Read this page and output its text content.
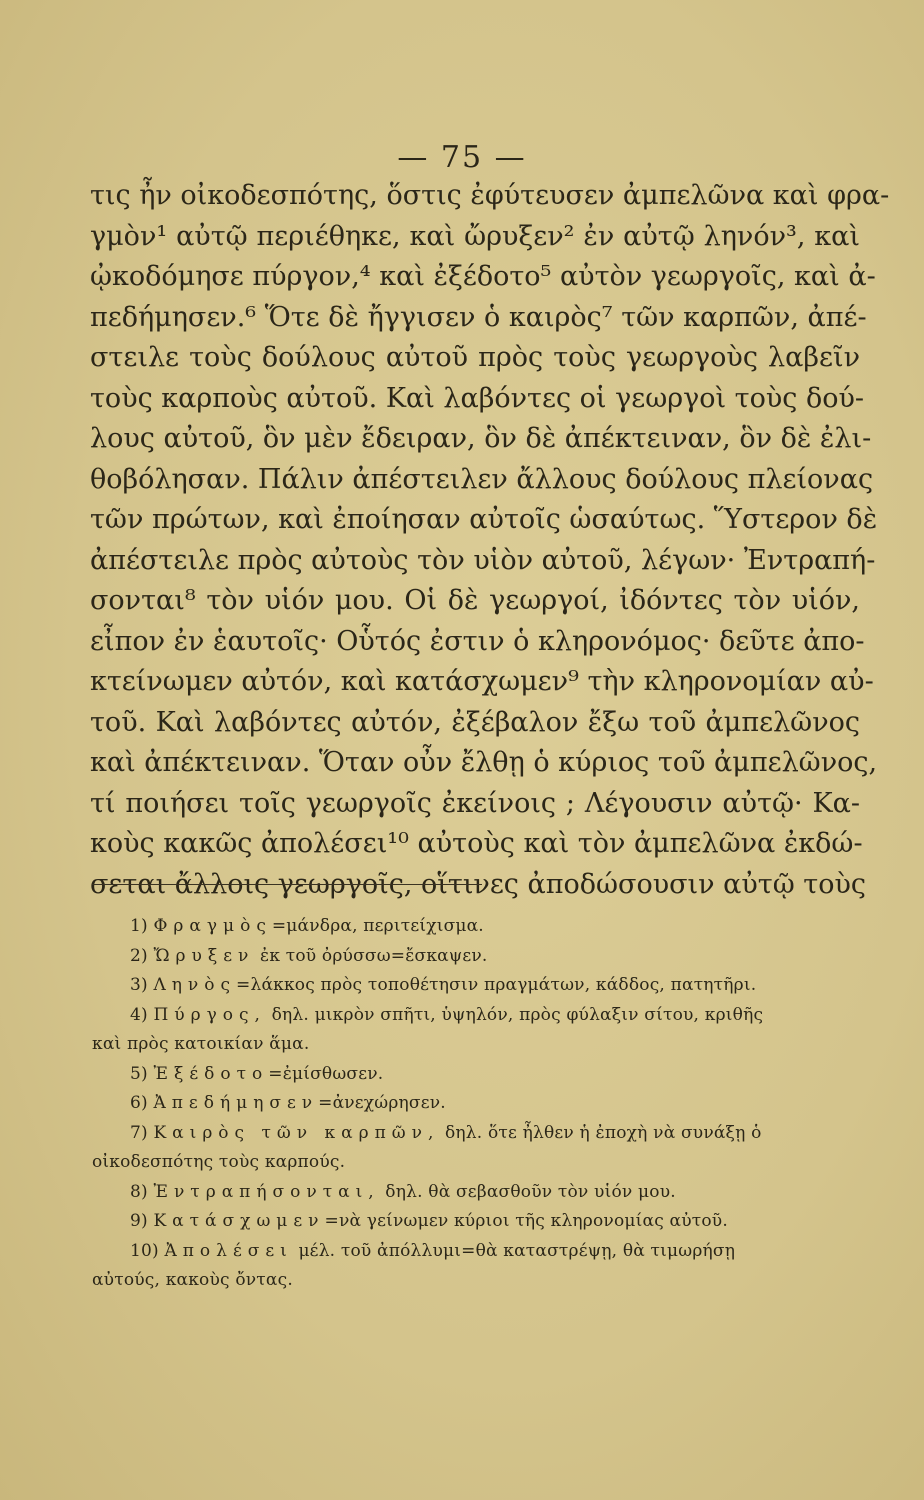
— 75 —
τις ἦν οἰκοδεσπότης, ὅστις ἐφύτευσεν ἀμπελῶνα καὶ φρα-
γμὸν¹ αὐτῷ περιέθηκε, καὶ ὤρυξεν² ἐν αὐτῷ ληνόν³, καὶ
ᾠκοδόμησε πύργον,⁴ καὶ ἐξέδοτο⁵ αὐτὸν γεωργοῖς, καὶ ἀ-
πεδήμησεν.⁶ Ὅτε δὲ ἤγγισεν ὁ καιρὸς⁷ τῶν καρπῶν, ἀπέ-
στειλε τοὺς δούλους αὐτοῦ πρὸς τοὺς γεωργοὺς λαβεῖν
τοὺς καρποὺς αὐτοῦ. Καὶ λαβόντες οἱ γεωργοὶ τοὺς δού-
λους αὐτοῦ, ὃν μὲν ἔδειραν, ὃν δὲ ἀπέκτειναν, ὃν δὲ ἐλι-
θοβόλησαν. Πάλιν ἀπέστειλεν ἄλλους δούλους πλείονας
τῶν πρώτων, καὶ ἐποίησαν αὐτοῖς ὡσαύτως. Ὕστερον δὲ
ἀπέστειλε πρὸς αὐτοὺς τὸν υἱὸν αὐτοῦ, λέγων· Ἐντραπή-
σονται⁸ τὸν υἱόν μου. Οἱ δὲ γεωργοί, ἰδόντες τὸν υἱόν,
εἶπον ἐν ἑαυτοῖς· Οὗτός ἐστιν ὁ κληρονόμος· δεῦτε ἀπο-
κτείνωμεν αὐτόν, καὶ κατάσχωμεν⁹ τὴν κληρονομίαν αὐ-
τοῦ. Καὶ λαβόντες αὐτόν, ἐξέβαλον ἔξω τοῦ ἀμπελῶνος
καὶ ἀπέκτειναν. Ὅταν οὖν ἔλθῃ ὁ κύριος τοῦ ἀμπελῶνος,
τί ποιήσει τοῖς γεωργοῖς ἐκείνοις ; Λέγουσιν αὐτῷ· Κα-
κοὺς κακῶς ἀπολέσει¹⁰ αὐτοὺς καὶ τὸν ἀμπελῶνα ἐκδώ-
σεται ἄλλοις γεωργοῖς, οἵτινες ἀποδώσουσιν αὐτῷ τοὺς
1) Φραγμὸς=μάνδρα, περιτείχισμα.
2) Ὤρυξεν ἐκ τοῦ ὀρύσσω=ἔσκαψεν.
3) Ληνὸς=λάκκος πρὸς τοποθέτησιν πραγμάτων, κάδδος, πατητῆρι.
4) Πύργος, δηλ. μικρὸν σπῆτι, ὑψηλόν, πρὸς φύλαξιν σίτου, κριθῆς
καὶ πρὸς κατοικίαν ἅμα.
5) Ἐξέδοτο=ἐμίσθωσεν.
6) Ἀπεδήμησεν=ἀνεχώρησεν.
7) Καιρὸς τῶν καρπῶν, δηλ. ὅτε ἦλθεν ἡ ἐποχὴ νὰ συνάξῃ ὁ
οἰκοδεσπότης τοὺς καρπούς.
8) Ἐντραπήσονται, δηλ. θὰ σεβασθοῦν τὸν υἱόν μου.
9) Κατάσχωμεν=νὰ γείνωμεν κύριοι τῆς κληρονομίας αὐτοῦ.
10) Ἀπολέσει μέλ. τοῦ ἀπόλλυμι=θὰ καταστρέψῃ, θὰ τιμωρήσῃ
αὐτούς, κακοὺς ὄντας.
